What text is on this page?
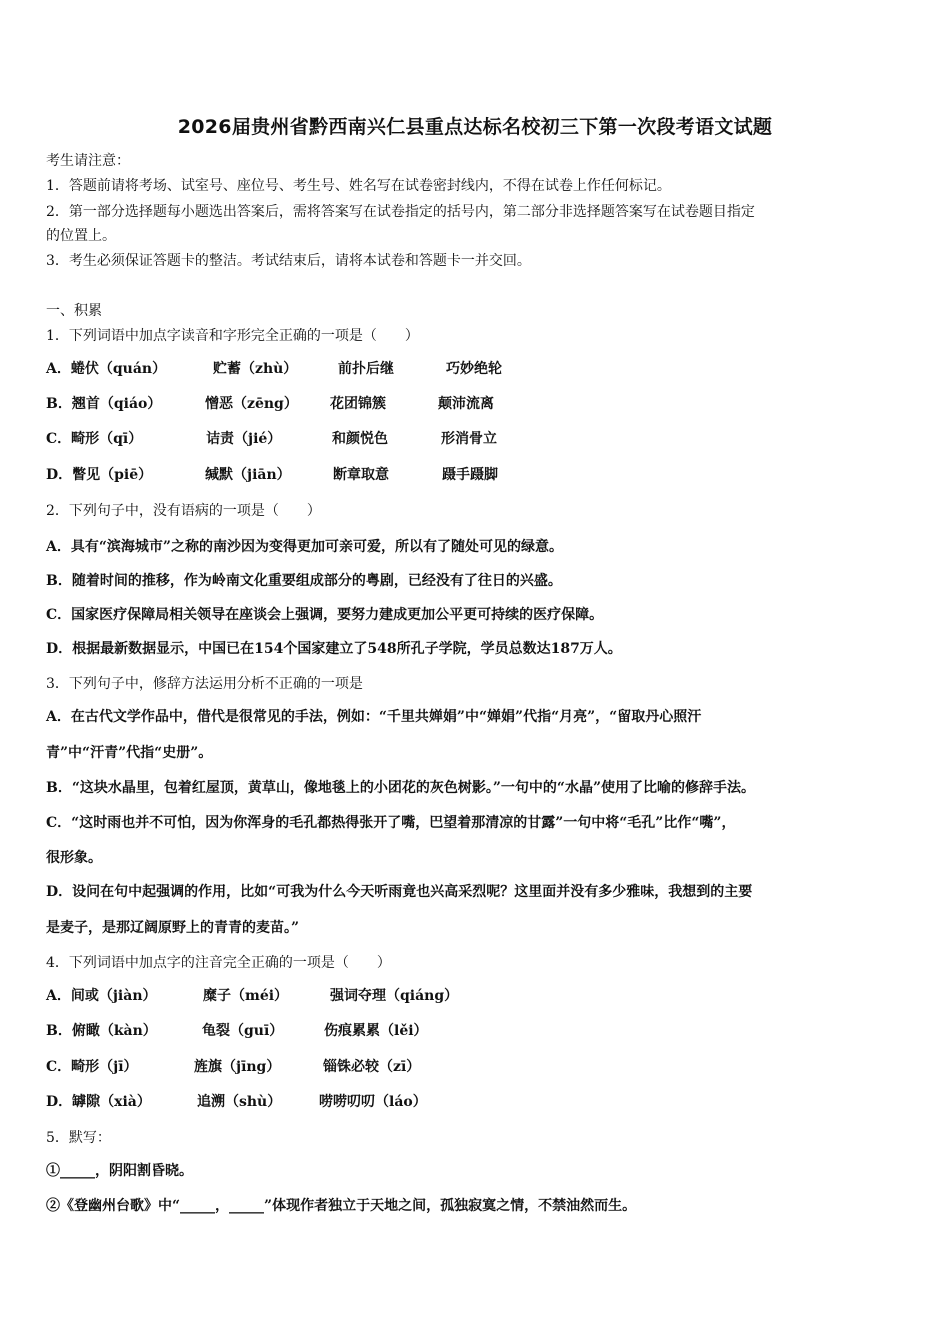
2026届贵州省黔西南兴仁县重点达标名校初三下第一次段考语文试题
考生请注意：
1．答题前请将考场、试室号、座位号、考生号、姓名写在试卷密封线内，不得在试卷上作任何标记。
2．第一部分选择题每小题选出答案后，需将答案写在试卷指定的括号内，第二部分非选择题答案写在试卷题目指定
的位置上。
3．考生必须保证答题卡的整洁。考试结束后，请将本试卷和答题卡一并交回。
一、积累
1．下列词语中加点字读音和字形完全正确的一项是（　　）
A．蜷伏（quán）	贮蓄（zhù）	前扑后继	巧妙绝轮
B．翘首（qiáo）	憎恶（zēng） 花团锦簇	颠沛流离
C．畸形（qī）	诘责（jié）	和颜悦色	形消骨立
D．瞥见（piē）	缄默（jiān）	断章取意	蹑手蹑脚
2．下列句子中，没有语病的一项是（　　）
A．具有“滨海城市”之称的南沙因为变得更加可亲可爱，所以有了随处可见的绿意。
B．随着时间的推移，作为岭南文化重要组成部分的粤剧，已经没有了往日的兴盛。
C．国家医疗保障局相关领导在座谈会上强调，要努力建成更加公平更可持续的医疗保障。
D．根据最新数据显示，中国已在154个国家建立了548所孔子学院，学员总数达187万人。
3．下列句子中，修辞方法运用分析不正确的一项是
A．在古代文学作品中，借代是很常见的手法，例如：“千里共婵娟”中“婵娟”代指“月亮”，“留取丹心照汗
青”中“汗青”代指“史册”。
B．“这块水晶里，包着红屋顶，黄草山，像地毯上的小团花的灰色树影。”一句中的“水晶”使用了比喻的修辞手法。
C．“这时雨也并不可怕，因为你浑身的毛孔都热得张开了嘴，巴望着那清凉的甘露”一句中将“毛孔”比作“嘴”，
很形象。
D．设问在句中起强调的作用，比如“可我为什么今天听雨竟也兴高采烈呢？这里面并没有多少雅味，我想到的主要
是麦子，是那辽阔原野上的青青的麦苗。”
4．下列词语中加点字的注音完全正确的一项是（　　）
A．间或（jiàn）	糜子（méi）	强词夺理（qiáng）
B．俯瞰（kàn）	龟裂（guī）	伤痕累累（lěi）
C．畸形（jī）	旌旗（jīng）	锱铢必较（zī）
D．罅隙（xià）	追溯（shù）	唠唠叨叨（láo）
5．默写：
①_____，阴阳割昏晓。
②《登幽州台歌》中“_____，_____”体现作者独立于天地之间，孤独寂寞之情，不禁油然而生。
